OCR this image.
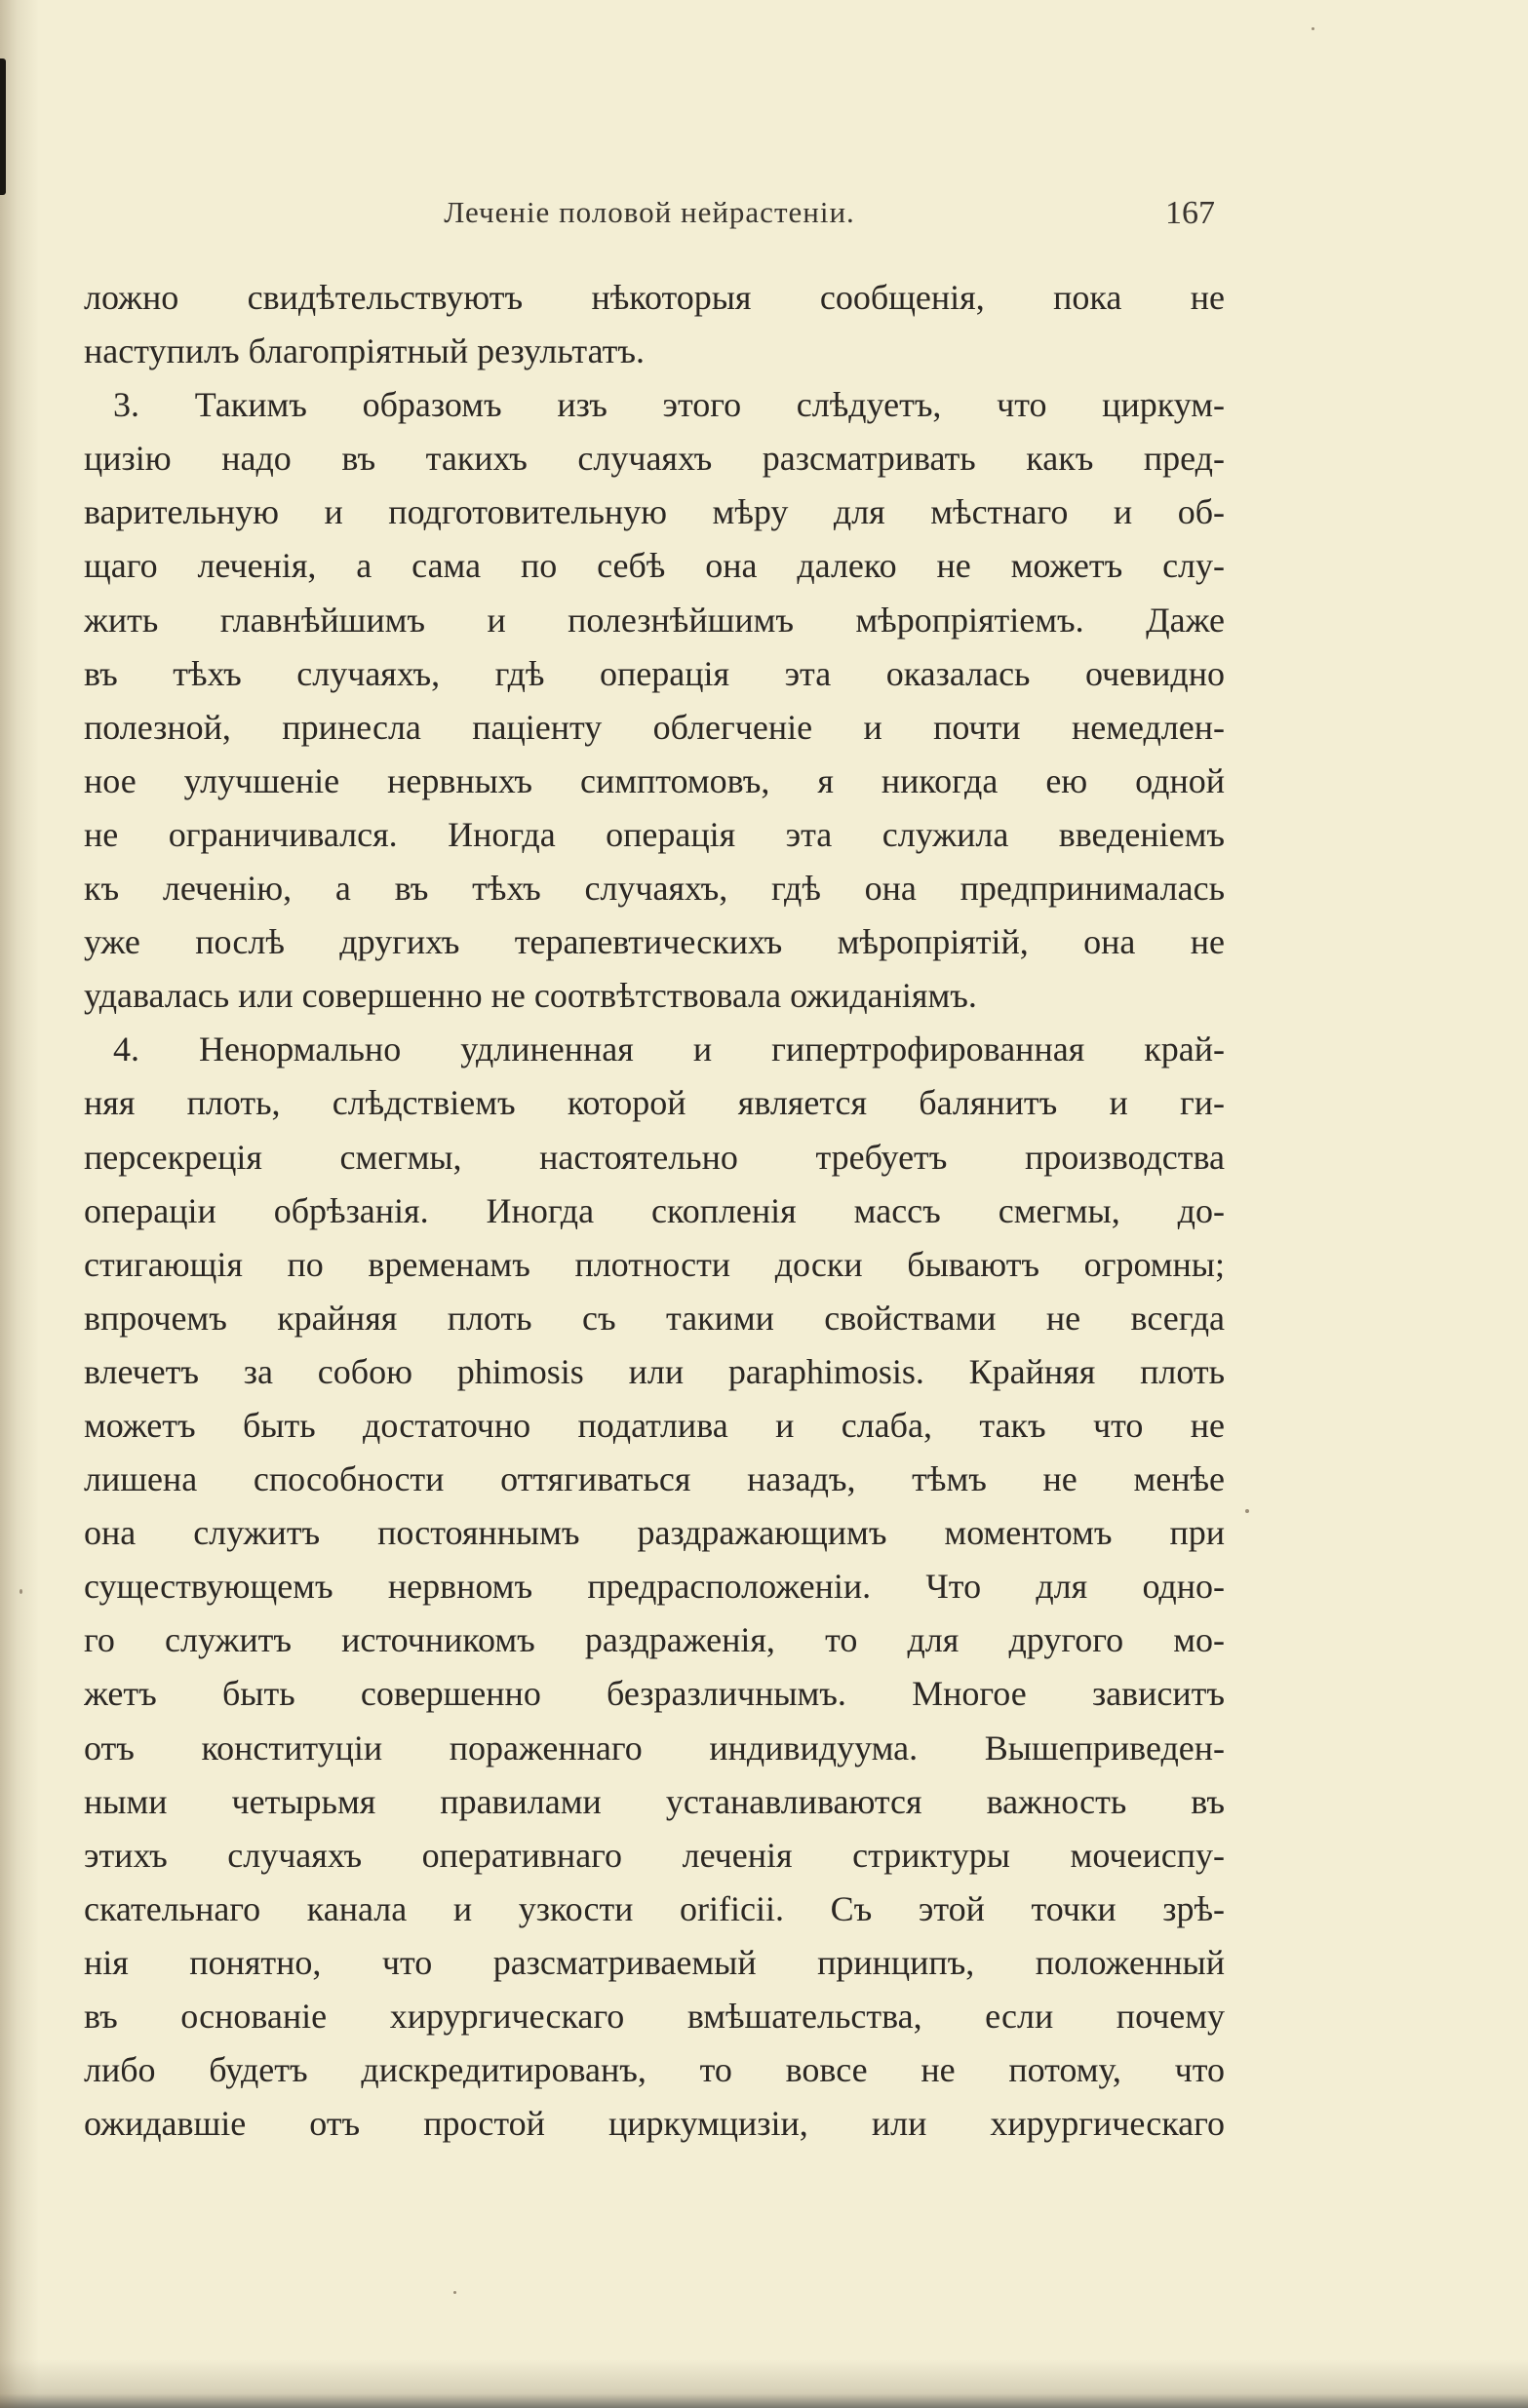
Леченіе половой нейрастеніи.	167
ложно свидѣтельствуютъ нѣкоторыя сообщенія, пока не
наступилъ благопріятный результатъ.
3. Такимъ образомъ изъ этого слѣдуетъ, что циркум-
цизію надо въ такихъ случаяхъ разсматривать какъ пред-
варительную и подготовительную мѣру для мѣстнаго и об-
щаго леченія, а сама по себѣ она далеко не можетъ слу-
жить главнѣйшимъ и полезнѣйшимъ мѣропріятіемъ. Даже
въ тѣхъ случаяхъ, гдѣ операція эта оказалась очевидно
полезной, принесла паціенту облегченіе и почти немедлен-
ное улучшеніе нервныхъ симптомовъ, я никогда ею одной
не ограничивался. Иногда операція эта служила введеніемъ
къ леченію, а въ тѣхъ случаяхъ, гдѣ она предпринималась
уже послѣ другихъ терапевтическихъ мѣропріятій, она не
удавалась или совершенно не соотвѣтствовала ожиданіямъ.
4. Ненормально удлиненная и гипертрофированная край-
няя плоть, слѣдствіемъ которой является балянитъ и ги-
персекреція смегмы, настоятельно требуетъ производства
операціи обрѣзанія. Иногда скопленія массъ смегмы, до-
стигающія по временамъ плотности доски бываютъ огромны;
впрочемъ крайняя плоть съ такими свойствами не всегда
влечетъ за собою phimosis или paraphimosis. Крайняя плоть
можетъ быть достаточно податлива и слаба, такъ что не
лишена способности оттягиваться назадъ, тѣмъ не менѣе
она служитъ постояннымъ раздражающимъ моментомъ при
существующемъ нервномъ предрасположеніи. Что для одно-
го служитъ источникомъ раздраженія, то для другого мо-
жетъ быть совершенно безразличнымъ. Многое зависитъ
отъ конституціи пораженнаго индивидуума. Вышеприведен-
ными четырьмя правилами устанавливаются важность въ
этихъ случаяхъ оперативнаго леченія стриктуры мочеиспу-
скательнаго канала и узкости orificii. Съ этой точки зрѣ-
нія понятно, что разсматриваемый принципъ, положенный
въ основаніе хирургическаго вмѣшательства, если почему
либо будетъ дискредитированъ, то вовсе не потому, что
ожидавшіе отъ простой циркумцизіи, или хирургическаго
